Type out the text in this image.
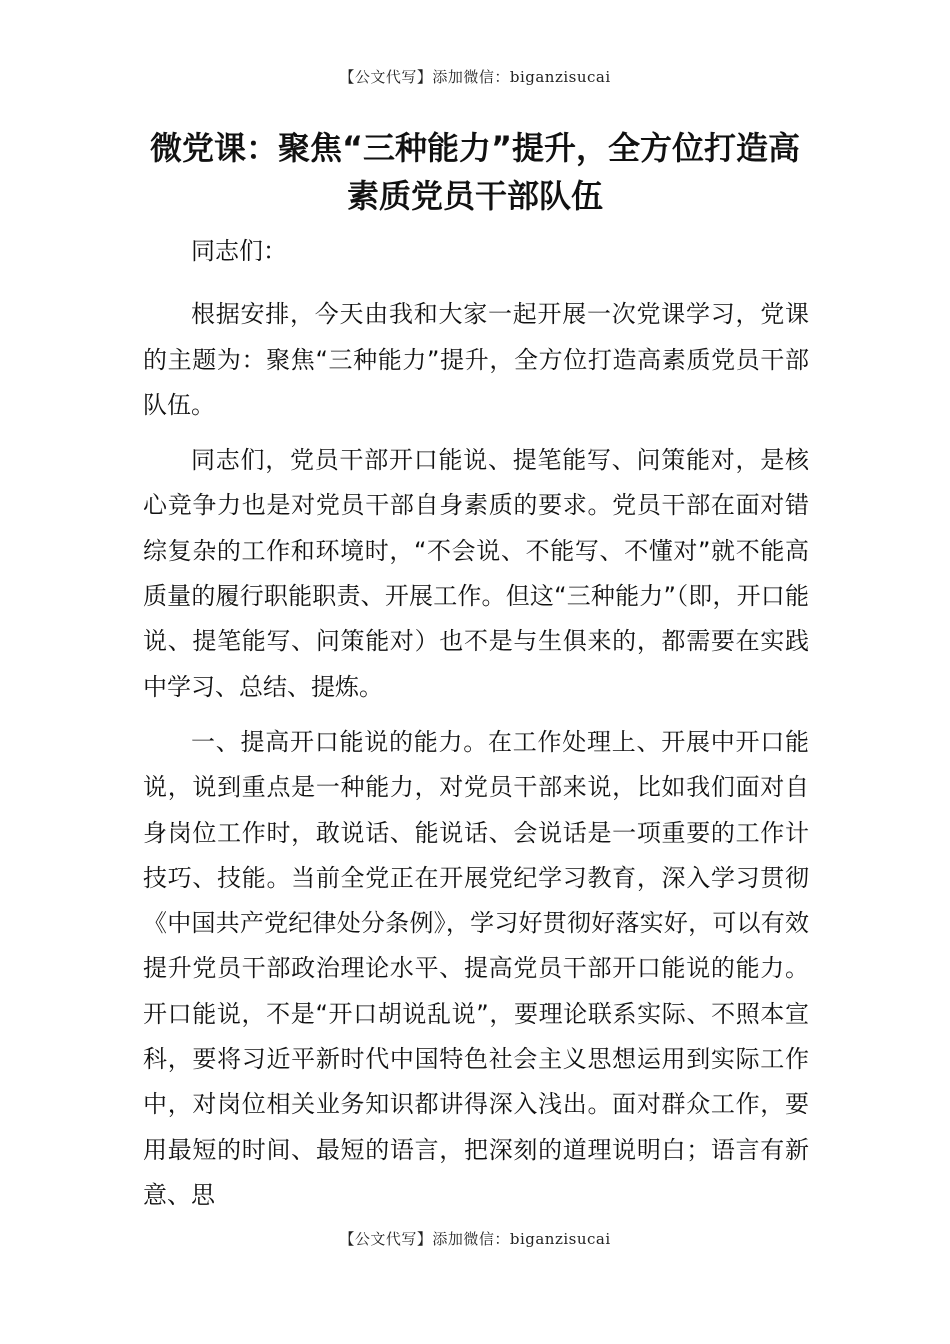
【公文代写】添加微信：biganzisucai
微党课：聚焦“三种能力”提升，全方位打造高素质党员干部队伍

同志们：

根据安排，今天由我和大家一起开展一次党课学习，党课的主题为：聚焦“三种能力”提升，全方位打造高素质党员干部队伍。

同志们，党员干部开口能说、提笔能写、问策能对，是核心竞争力也是对党员干部自身素质的要求。党员干部在面对错综复杂的工作和环境时，“不会说、不能写、不懂对”就不能高质量的履行职能职责、开展工作。但这“三种能力”（即，开口能说、提笔能写、问策能对）也不是与生俱来的，都需要在实践中学习、总结、提炼。

一、提高开口能说的能力。在工作处理上、开展中开口能说，说到重点是一种能力，对党员干部来说，比如我们面对自身岗位工作时，敢说话、能说话、会说话是一项重要的工作计技巧、技能。当前全党正在开展党纪学习教育，深入学习贯彻《中国共产党纪律处分条例》，学习好贯彻好落实好，可以有效提升党员干部政治理论水平、提高党员干部开口能说的能力。开口能说，不是“开口胡说乱说”，要理论联系实际、不照本宣科，要将习近平新时代中国特色社会主义思想运用到实际工作中，对岗位相关业务知识都讲得深入浅出。面对群众工作，要用最短的时间、最短的语言，把深刻的道理说明白；语言有新意、思

【公文代写】添加微信：biganzisucai
